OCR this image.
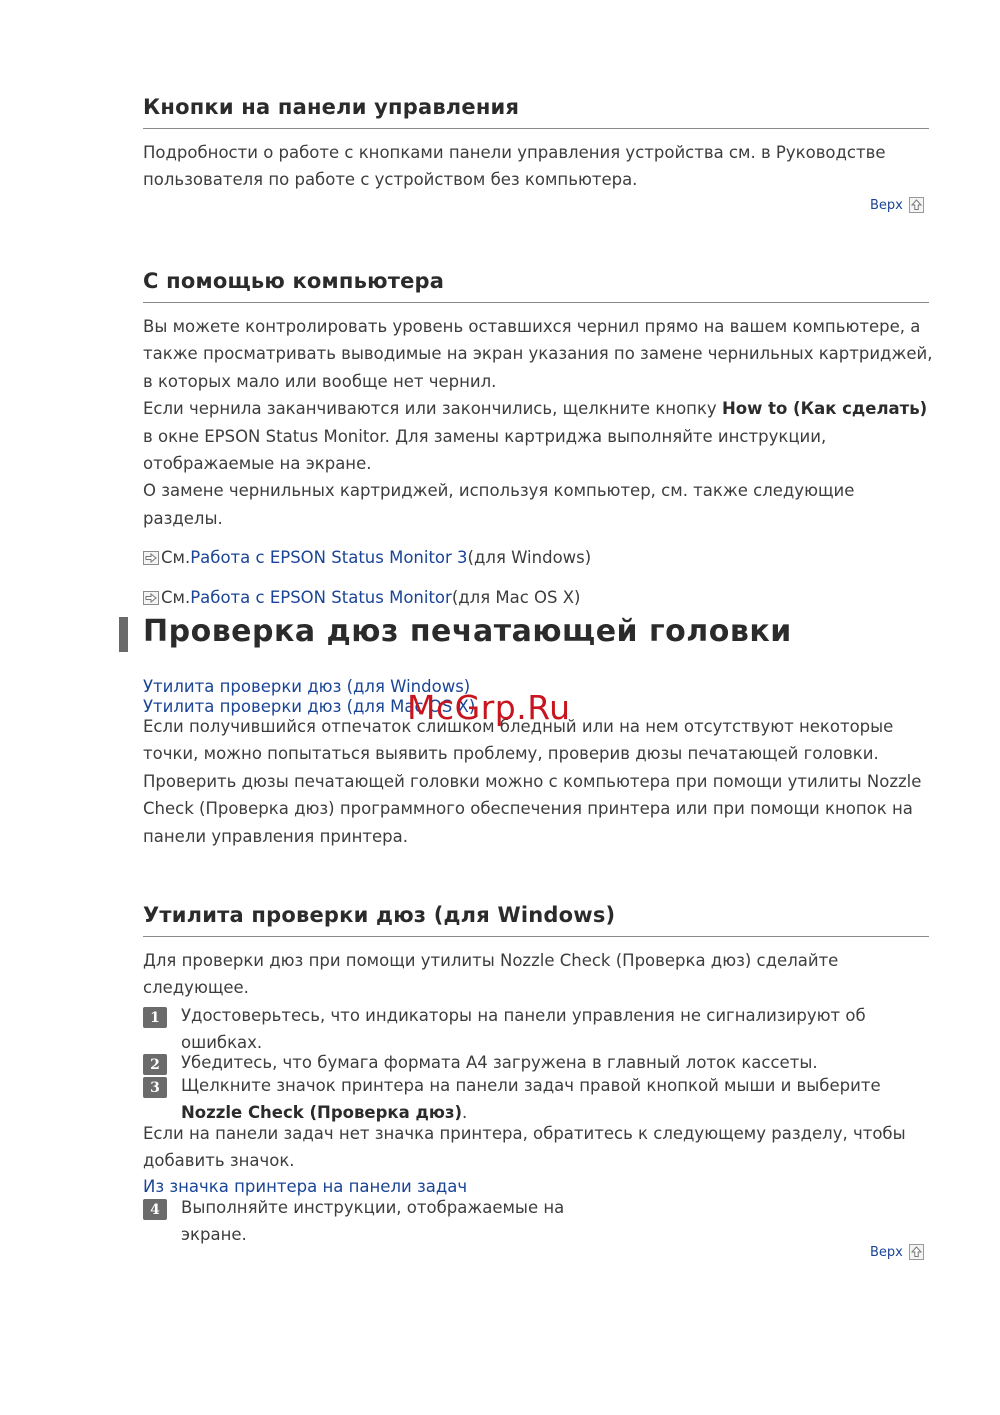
Кнопки на панели управления
Подробности о работе с кнопками панели управления устройства см. в Руководстве пользователя по работе с устройством без компьютера.
Верх
С помощью компьютера
Вы можете контролировать уровень оставшихся чернил прямо на вашем компьютере, а также просматривать выводимые на экран указания по замене чернильных картриджей, в которых мало или вообще нет чернил.
Если чернила заканчиваются или закончились, щелкните кнопку How to (Как сделать) в окне EPSON Status Monitor. Для замены картриджа выполняйте инструкции, отображаемые на экране.
О замене чернильных картриджей, используя компьютер, см. также следующие разделы.
См. Работа с EPSON Status Monitor 3 (для Windows)
См. Работа с EPSON Status Monitor (для Mac OS X)
Проверка дюз печатающей головки
Утилита проверки дюз (для Windows)
Утилита проверки дюз (для Mac OS X)
Если получившийся отпечаток слишком бледный или на нем отсутствуют некоторые точки, можно попытаться выявить проблему, проверив дюзы печатающей головки. Проверить дюзы печатающей головки можно с компьютера при помощи утилиты Nozzle Check (Проверка дюз) программного обеспечения принтера или при помощи кнопок на панели управления принтера.
McGrp.Ru
Утилита проверки дюз (для Windows)
Для проверки дюз при помощи утилиты Nozzle Check (Проверка дюз) сделайте следующее.
1	Удостоверьтесь, что индикаторы на панели управления не сигнализируют об ошибках.
2	Убедитесь, что бумага формата А4 загружена в главный лоток кассеты.
3	Щелкните значок принтера на панели задач правой кнопкой мыши и выберите Nozzle Check (Проверка дюз).
Если на панели задач нет значка принтера, обратитесь к следующему разделу, чтобы добавить значок.
Из значка принтера на панели задач
4	Выполняйте инструкции, отображаемые на экране.
Верх
